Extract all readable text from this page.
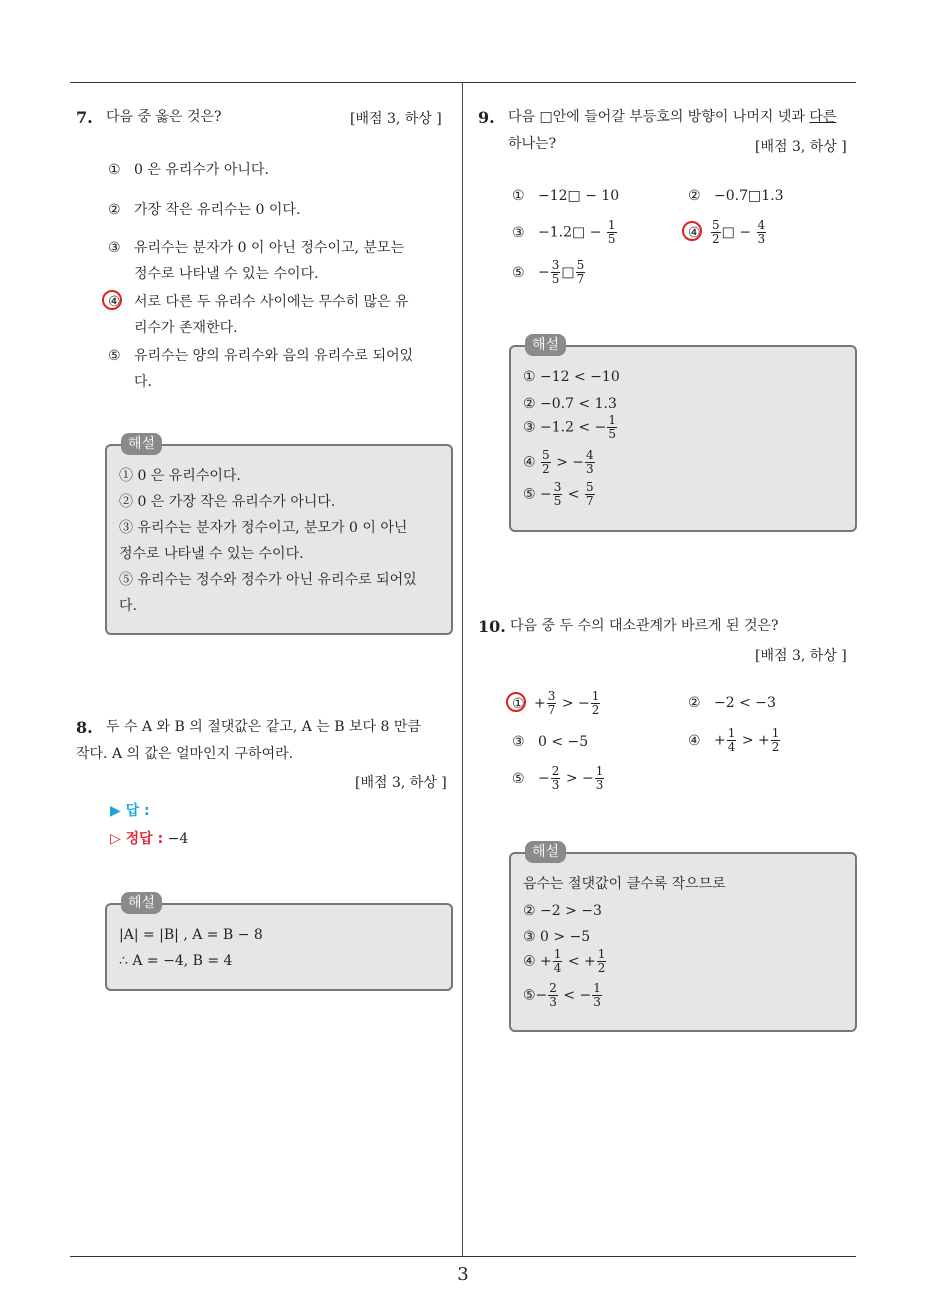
3
7. 다음 중 옳은 것은?	[배점 3, 하상 ]
① 0 은 유리수가 아니다.
② 가장 작은 유리수는 0 이다.
③ 유리수는 분자가 0 이 아닌 정수이고, 분모는
정수로 나타낼 수 있는 수이다.
④ 서로 다른 두 유리수 사이에는 무수히 많은 유
리수가 존재한다.
⑤ 유리수는 양의 유리수와 음의 유리수로 되어있
다.
해설
① 0 은 유리수이다.
② 0 은 가장 작은 유리수가 아니다.
③ 유리수는 분자가 정수이고, 분모가 0 이 아닌
정수로 나타낼 수 있는 수이다.
⑤ 유리수는 정수와 정수가 아닌 유리수로 되어있
다.
8. 두 수 A 와 B 의 절댓값은 같고, A 는 B 보다 8 만큼
작다. A 의 값은 얼마인지 구하여라.
[배점 3, 하상 ]
▶ 답 :
▷ 정답 : −4
해설
|A| = |B| , A = B − 8
∴ A = −4, B = 4
9. 다음 □안에 들어갈 부등호의 방향이 나머지 넷과 다른
하나는?	[배점 3, 하상 ]
① −12□ − 10	② −0.7□1.3
③ −1.2□ − $\frac{1}{5}$	④ $\frac{5}{2}$ □ − $\frac{4}{3}$
⑤ − $\frac{3}{5}$ □ $\frac{5}{7}$
해설
① −12 < −10
② −0.7 < 1.3
③ −1.2 < − $\frac{1}{5}$
④ $\frac{5}{2}$ > − $\frac{4}{3}$
⑤ − $\frac{3}{5} < \frac{5}{7}$
10. 다음 중 두 수의 대소관계가 바르게 된 것은?
[배점 3, 하상 ]
① + $\frac{3}{7}$ > − $\frac{1}{2}$	② −2 < −3
③ 0 < −5	④ + $\frac{1}{4}$ > + $\frac{1}{2}$
⑤ − $\frac{2}{3}$ > − $\frac{1}{3}$
해설
음수는 절댓값이 클수록 작으므로
② −2 > −3
③ 0 > −5
④ + $\frac{1}{4}$ < + $\frac{1}{2}$
⑤− $\frac{2}{3}$ < − $\frac{1}{3}$
